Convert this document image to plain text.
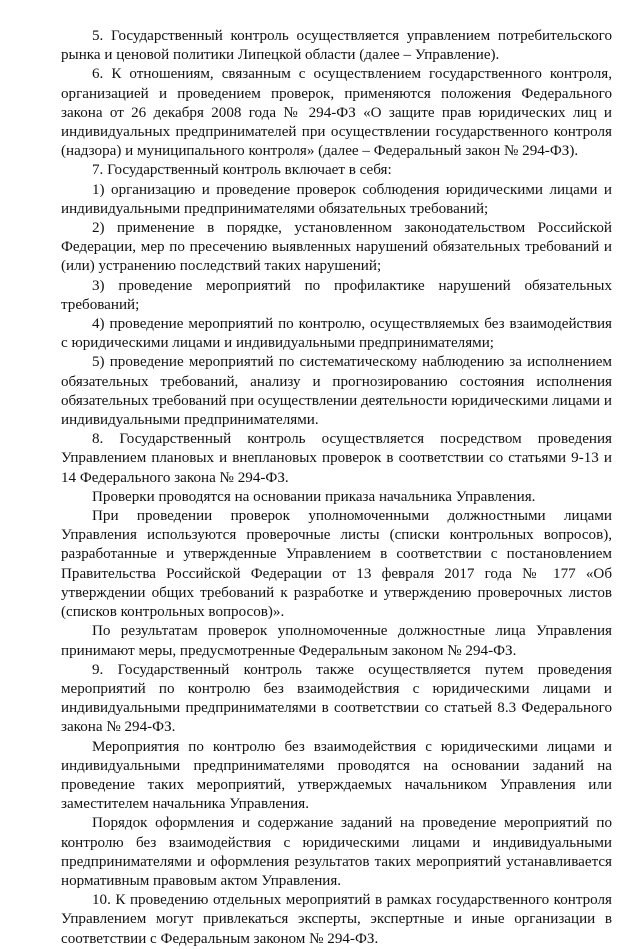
5. Государственный контроль осуществляется управлением потребительского рынка и ценовой политики Липецкой области (далее – Управление).

6. К отношениям, связанным с осуществлением государственного контроля, организацией и проведением проверок, применяются положения Федерального закона от 26 декабря 2008 года № 294-ФЗ «О защите прав юридических лиц и индивидуальных предпринимателей при осуществлении государственного контроля (надзора) и муниципального контроля» (далее – Федеральный закон № 294-ФЗ).

7. Государственный контроль включает в себя:

1) организацию и проведение проверок соблюдения юридическими лицами и индивидуальными предпринимателями обязательных требований;

2) применение в порядке, установленном законодательством Российской Федерации, мер по пресечению выявленных нарушений обязательных требований и (или) устранению последствий таких нарушений;

3) проведение мероприятий по профилактике нарушений обязательных требований;

4) проведение мероприятий по контролю, осуществляемых без взаимодействия с юридическими лицами и индивидуальными предпринимателями;

5) проведение мероприятий по систематическому наблюдению за исполнением обязательных требований, анализу и прогнозированию состояния исполнения обязательных требований при осуществлении деятельности юридическими лицами и индивидуальными предпринимателями.

8. Государственный контроль осуществляется посредством проведения Управлением плановых и внеплановых проверок в соответствии со статьями 9-13 и 14 Федерального закона № 294-ФЗ.

Проверки проводятся на основании приказа начальника Управления.

При проведении проверок уполномоченными должностными лицами Управления используются проверочные листы (списки контрольных вопросов), разработанные и утвержденные Управлением в соответствии с постановлением Правительства Российской Федерации от 13 февраля 2017 года № 177 «Об утверждении общих требований к разработке и утверждению проверочных листов (списков контрольных вопросов)».

По результатам проверок уполномоченные должностные лица Управления принимают меры, предусмотренные Федеральным законом № 294-ФЗ.

9. Государственный контроль также осуществляется путем проведения мероприятий по контролю без взаимодействия с юридическими лицами и индивидуальными предпринимателями в соответствии со статьей 8.3 Федерального закона № 294-ФЗ.

Мероприятия по контролю без взаимодействия с юридическими лицами и индивидуальными предпринимателями проводятся на основании заданий на проведение таких мероприятий, утверждаемых начальником Управления или заместителем начальника Управления.

Порядок оформления и содержание заданий на проведение мероприятий по контролю без взаимодействия с юридическими лицами и индивидуальными предпринимателями и оформления результатов таких мероприятий устанавливается нормативным правовым актом Управления.

10. К проведению отдельных мероприятий в рамках государственного контроля Управлением могут привлекаться эксперты, экспертные и иные организации в соответствии с Федеральным законом № 294-ФЗ.
